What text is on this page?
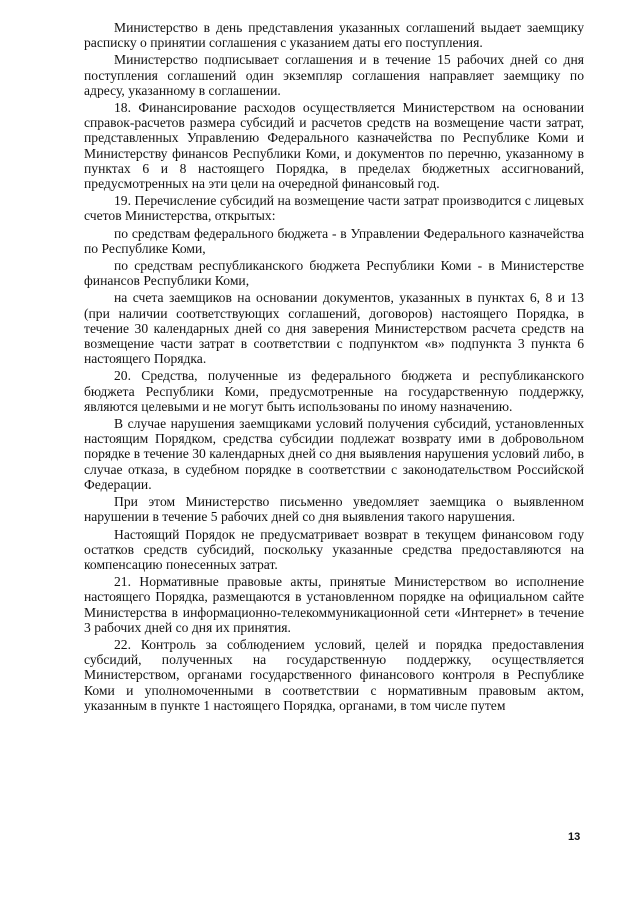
Министерство в день представления указанных соглашений выдает заемщику расписку о принятии соглашения с указанием даты его поступления.

Министерство подписывает соглашения и в течение 15 рабочих дней со дня поступления соглашений один экземпляр соглашения направляет заемщику по адресу, указанному в соглашении.

18. Финансирование расходов осуществляется Министерством на основании справок-расчетов размера субсидий и расчетов средств на возмещение части затрат, представленных Управлению Федерального казначейства по Республике Коми и Министерству финансов Республики Коми, и документов по перечню, указанному в пунктах 6 и 8 настоящего Порядка, в пределах бюджетных ассигнований, предусмотренных на эти цели на очередной финансовый год.

19. Перечисление субсидий на возмещение части затрат производится с лицевых счетов Министерства, открытых:

по средствам федерального бюджета - в Управлении Федерального казначейства по Республике Коми,

по средствам республиканского бюджета Республики Коми - в Министерстве финансов Республики Коми,

на счета заемщиков на основании документов, указанных в пунктах 6, 8 и 13 (при наличии соответствующих соглашений, договоров) настоящего Порядка, в течение 30 календарных дней со дня заверения Министерством расчета средств на возмещение части затрат в соответствии с подпунктом «в» подпункта 3 пункта 6 настоящего Порядка.

20. Средства, полученные из федерального бюджета и республиканского бюджета Республики Коми, предусмотренные на государственную поддержку, являются целевыми и не могут быть использованы по иному назначению.

В случае нарушения заемщиками условий получения субсидий, установленных настоящим Порядком, средства субсидии подлежат возврату ими в добровольном порядке в течение 30 календарных дней со дня выявления нарушения условий либо, в случае отказа, в судебном порядке в соответствии с законодательством Российской Федерации.

При этом Министерство письменно уведомляет заемщика о выявленном нарушении в течение 5 рабочих дней со дня выявления такого нарушения.

Настоящий Порядок не предусматривает возврат в текущем финансовом году остатков средств субсидий, поскольку указанные средства предоставляются на компенсацию понесенных затрат.

21. Нормативные правовые акты, принятые Министерством во исполнение настоящего Порядка, размещаются в установленном порядке на официальном сайте Министерства в информационно-телекоммуникационной сети «Интернет» в течение 3 рабочих дней со дня их принятия.

22. Контроль за соблюдением условий, целей и порядка предоставления субсидий, полученных на государственную поддержку, осуществляется Министерством, органами государственного финансового контроля в Республике Коми и уполномоченными в соответствии с нормативным правовым актом, указанным в пункте 1 настоящего Порядка, органами, в том числе путем

13
